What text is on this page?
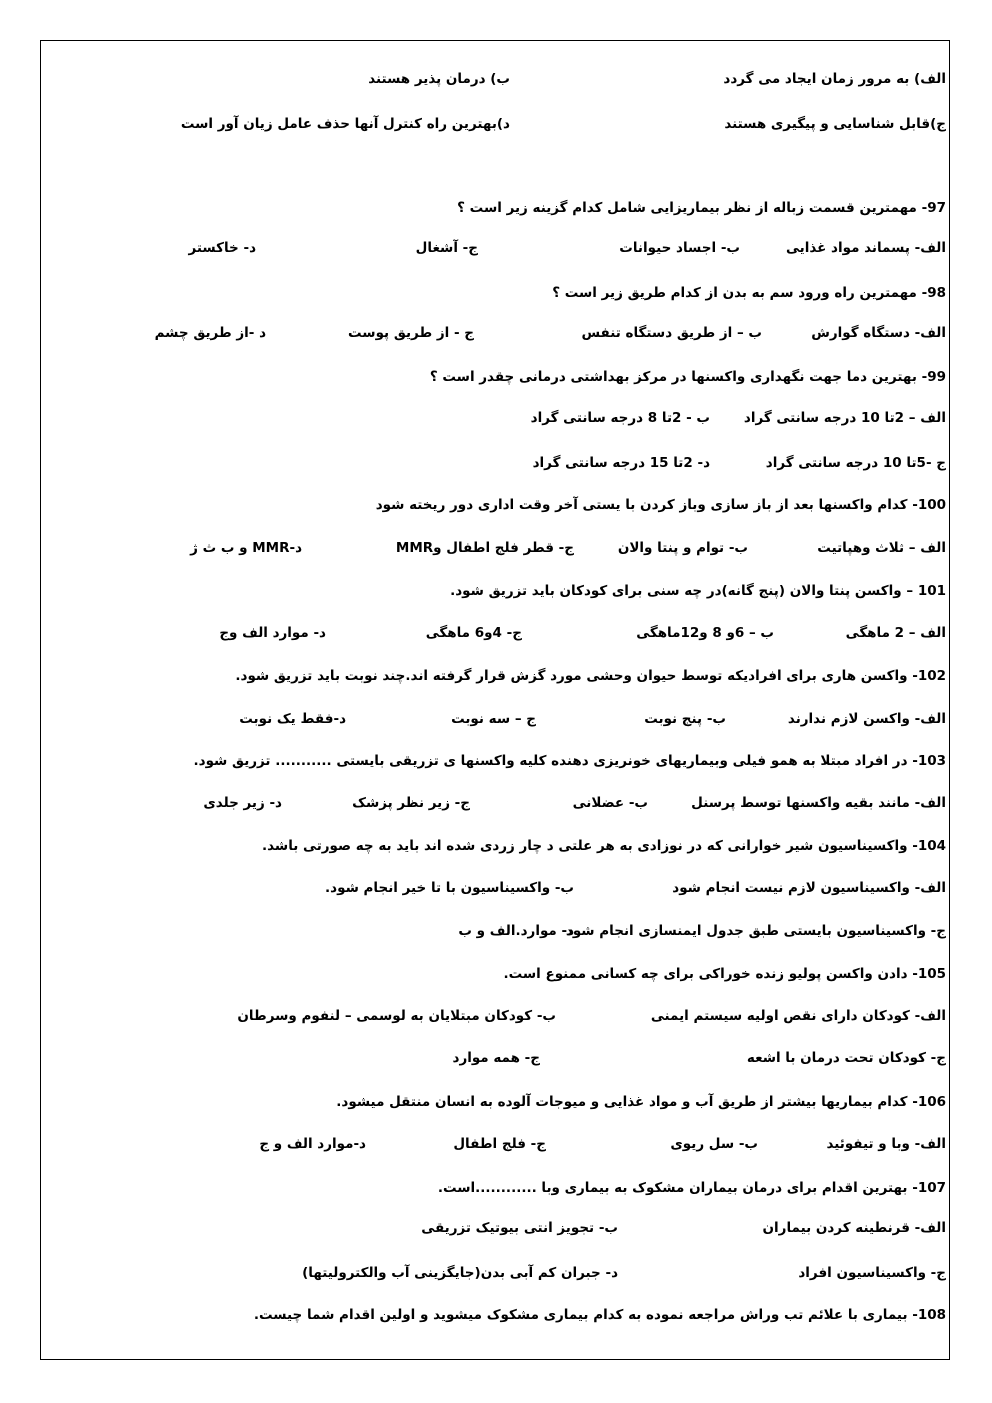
الف) به مرور زمان ایجاد می گردد
ب) درمان پذیر هستند
ج)قابل شناسایی و پیگیری هستند
د)بهترین راه کنترل آنها حذف عامل زیان آور است
97- مهمترین قسمت زباله از نظر بیماریزایی شامل کدام گزینه زیر است ؟
الف- پسماند مواد غذایی
ب- اجساد حیوانات
ج- آشغال
د- خاکستر
98- مهمترین راه ورود سم به بدن از کدام طریق زیر است ؟
الف- دستگاه گوارش
ب – از طریق دستگاه تنفس
ج - از طریق پوست
د -از طریق چشم
99- بهترین دما جهت نگهداری واکسنها در مرکز بهداشتی درمانی چقدر است ؟
الف – 2تا 10 درجه سانتی گراد
ب - 2تا 8 درجه سانتی گراد
ج -5تا 10 درجه سانتی گراد
د- 2تا 15 درجه سانتی گراد
100- کدام واکسنها بعد از باز سازی وباز کردن با یستی آخر وقت اداری دور ریخته شود
الف – ثلاث وهپاتیت
ب- توام و پنتا والان
ج- قطر فلج اطفال وMMR
د-MMR و ب ث ژ
101 – واکسن پنتا والان (پنج گانه)در چه سنی برای کودکان باید تزریق شود.
الف – 2 ماهگی
ب – 6و 8 و12ماهگی
ج- 4و6 ماهگی
د- موارد الف وج
102- واکسن هاری برای افرادیکه توسط حیوان وحشی مورد گزش قرار گرفته اند.چند نوبت باید تزریق شود.
الف- واکسن لازم ندارند
ب- پنج نوبت
ج – سه نوبت
د-فقط یک نوبت
103- در افراد مبتلا به همو فیلی وبیماریهای خونریزی دهنده کلیه واکسنها ی تزریقی بایستی ........... تزریق شود.
الف- مانند بقیه واکسنها توسط پرسنل
ب- عضلانی
ج- زیر نظر پزشک
د- زیر جلدی
104- واکسیناسیون شیر خوارانی که در نوزادی به هر علتی د چار زردی شده اند باید به چه صورتی باشد.
الف- واکسیناسیون لازم نیست انجام شود
ب- واکسیناسیون با تا خیر انجام شود.
ج- واکسیناسیون بایستی طبق جدول ایمنسازی انجام شود
د- موارد.الف و ب
105- دادن واکسن پولیو زنده خوراکی برای چه کسانی ممنوع است.
الف- کودکان دارای نقص اولیه سیستم ایمنی
ب- کودکان مبتلایان به لوسمی – لنفوم وسرطان
ج- کودکان تحت درمان با اشعه
ج- همه موارد
106- کدام بیماریها بیشتر از طریق آب و مواد غذایی و میوجات آلوده به انسان منتقل میشود.
الف- وبا و تیفوئید
ب- سل ریوی
ج- فلج اطفال
د-موارد الف و ج
107- بهترین اقدام برای درمان بیماران مشکوک به بیماری وبا ............است.
الف- قرنطینه کردن بیماران
ب- تجویز انتی بیوتیک تزریقی
ج- واکسیناسیون افراد
د- جبران کم آبی بدن(جایگزینی آب والکترولیتها)
108- بیماری با علائم تب وراش مراجعه نموده به کدام بیماری مشکوک میشوید و اولین اقدام شما چیست.
